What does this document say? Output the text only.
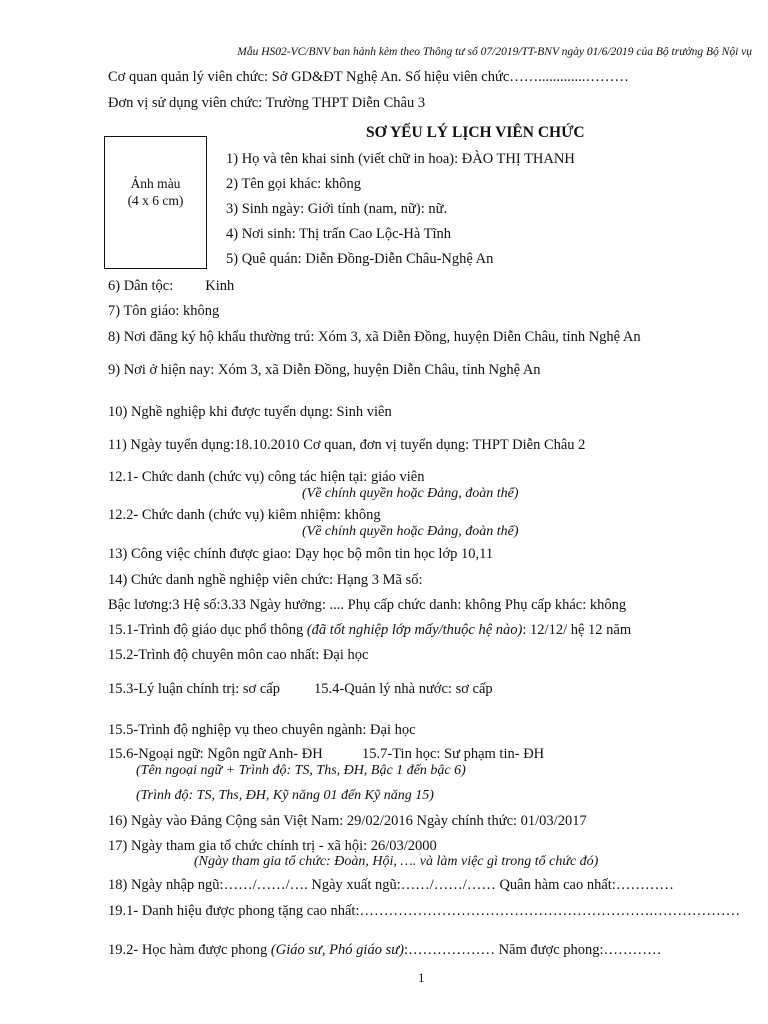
Mẫu HS02-VC/BNV ban hành kèm theo Thông tư số 07/2019/TT-BNV ngày 01/6/2019 của Bộ trưởng Bộ Nội vụ
Cơ quan quản lý viên chức: Sở GD&ĐT Nghệ An. Số hiệu viên chức…….............………
Đơn vị sử dụng viên chức: Trường THPT Diễn Châu 3
SƠ YẾU LÝ LỊCH VIÊN CHỨC
Ảnh màu
(4 x 6 cm)
1) Họ và tên khai sinh (viết chữ in hoa): ĐÀO THỊ THANH
2) Tên gọi khác: không
3) Sinh ngày: Giới tính (nam, nữ): nữ.
4) Nơi sinh: Thị trấn Cao Lộc-Hà Tĩnh
5) Quê quán: Diễn Đồng-Diễn Châu-Nghệ An
6) Dân tộc: Kinh
7) Tôn giáo: không
8) Nơi đăng ký hộ khẩu thường trú: Xóm 3, xã Diễn Đồng, huyện Diễn Châu, tỉnh Nghệ An
9) Nơi ở hiện nay: Xóm 3, xã Diễn Đồng, huyện Diễn Châu, tỉnh Nghệ An
10) Nghề nghiệp khi được tuyển dụng: Sinh viên
11) Ngày tuyển dụng:18.10.2010 Cơ quan, đơn vị tuyển dụng: THPT Diễn Châu 2
12.1- Chức danh (chức vụ) công tác hiện tại: giáo viên
(Về chính quyền hoặc Đảng, đoàn thể)
12.2- Chức danh (chức vụ) kiêm nhiệm: không
(Về chính quyền hoặc Đảng, đoàn thể)
13) Công việc chính được giao: Dạy học bộ môn tin học lớp 10,11
14) Chức danh nghề nghiệp viên chức: Hạng 3 Mã số:
Bậc lương:3 Hệ số:3.33 Ngày hưởng: .... Phụ cấp chức danh: không Phụ cấp khác: không
15.1-Trình độ giáo dục phổ thông (đã tốt nghiệp lớp mấy/thuộc hệ nào): 12/12/ hệ 12 năm
15.2-Trình độ chuyên môn cao nhất: Đại học
15.3-Lý luận chính trị: sơ cấp 15.4-Quản lý nhà nước: sơ cấp
15.5-Trình độ nghiệp vụ theo chuyên ngành: Đại học
15.6-Ngoại ngữ: Ngôn ngữ Anh- ĐH	15.7-Tin học: Sư phạm tin- ĐH
(Tên ngoại ngữ + Trình độ: TS, Ths, ĐH, Bậc 1 đến bậc 6)
(Trình độ: TS, Ths, ĐH, Kỹ năng 01 đến Kỹ năng 15)
16) Ngày vào Đảng Cộng sản Việt Nam: 29/02/2016 Ngày chính thức: 01/03/2017
17) Ngày tham gia tổ chức chính trị - xã hội: 26/03/2000
(Ngày tham gia tổ chức: Đoàn, Hội, …. và làm việc gì trong tổ chức đó)
18) Ngày nhập ngũ:……/……/…. Ngày xuất ngũ:……/……/…… Quân hàm cao nhất:…………
19.1- Danh hiệu được phong tặng cao nhất:…………………………………………………….………………
19.2- Học hàm được phong (Giáo sư, Phó giáo sư):……………… Năm được phong:…………
1
